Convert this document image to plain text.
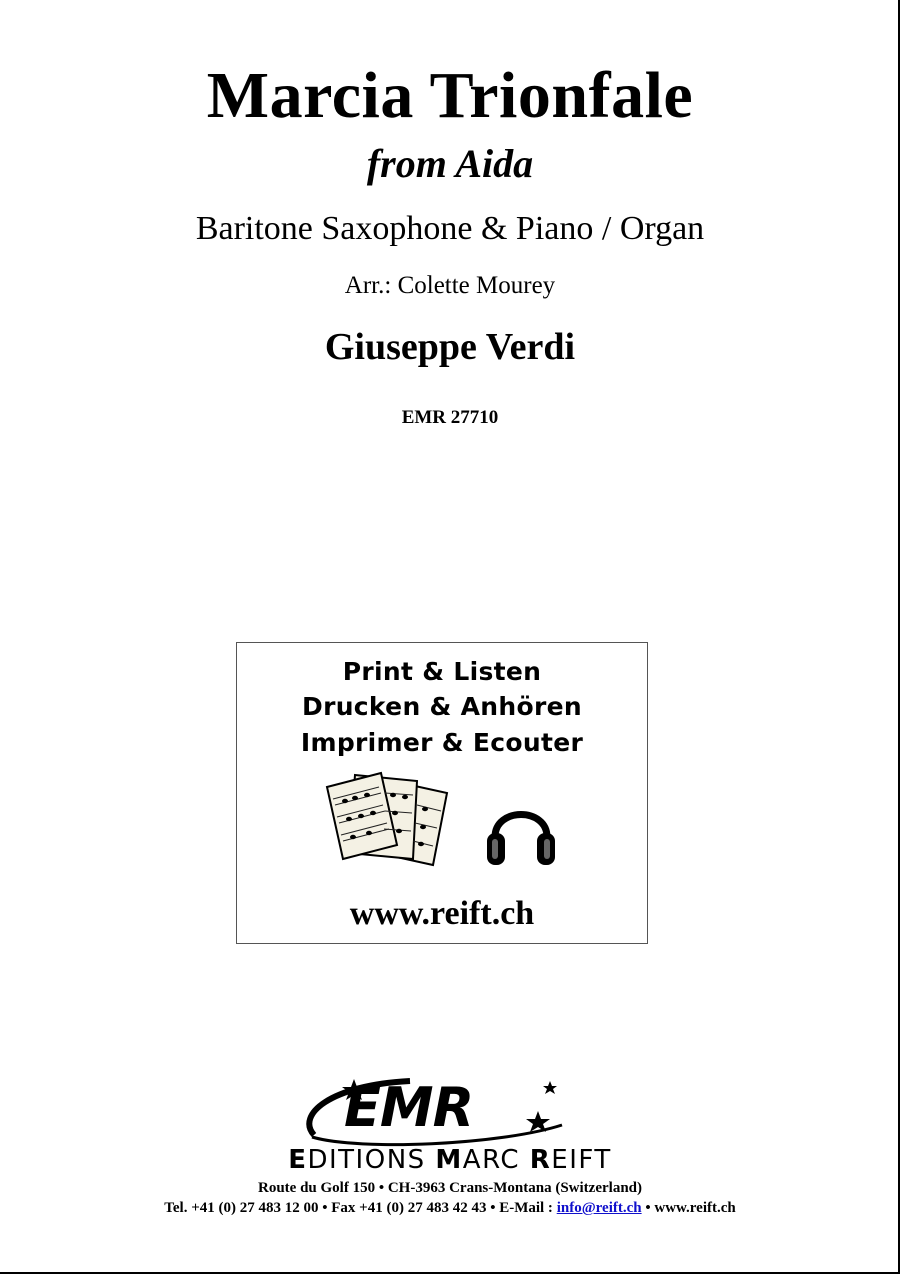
Marcia Trionfale
from Aida
Baritone Saxophone & Piano / Organ
Arr.: Colette Mourey
Giuseppe Verdi
EMR 27710
Print & Listen
Drucken & Anhören
Imprimer & Ecouter
www.reift.ch
EMR
EDITIONS MARC REIFT
Route du Golf 150 • CH-3963 Crans-Montana (Switzerland)
Tel. +41 (0) 27 483 12 00 • Fax +41 (0) 27 483 42 43 • E-Mail : info@reift.ch • www.reift.ch
